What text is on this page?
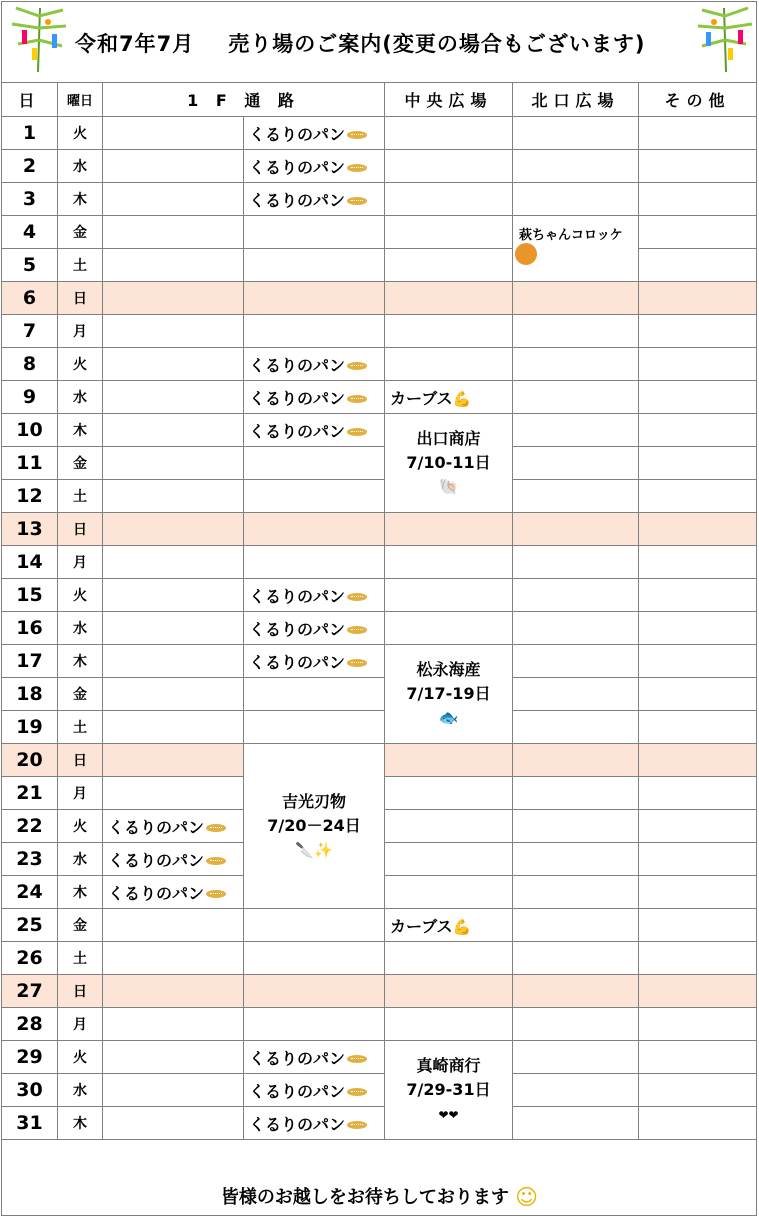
令和7年7月 売り場のご案内(変更の場合もございます)
日	曜日	1 F 通 路		中央広場	北口広場	その他
1	火		くるりのパン			
2	水		くるりのパン			
3	木		くるりのパン			
4	金				萩ちゃんコロッケ	
5	土					
6	日					
7	月					
8	火		くるりのパン			
9	水		くるりのパン	カーブス💪		
10	木		くるりのパン	出口商店
7/10-11日
🐚		
11	金					
12	土					
13	日					
14	月					
15	火		くるりのパン			
16	水		くるりのパン			
17	木		くるりのパン	松永海産
7/17-19日
🐟		
18	金					
19	土					
20	日		吉光刃物
7/20－24日
🔪✨			
21	月					
22	火	くるりのパン				
23	水	くるりのパン				
24	木	くるりのパン				
25	金			カーブス💪		
26	土					
27	日					
28	月					
29	火		くるりのパン	真崎商行
7/29-31日
❤❤		
30	水		くるりのパン			
31	木		くるりのパン			
皆様のお越しをお待ちしております ☺
